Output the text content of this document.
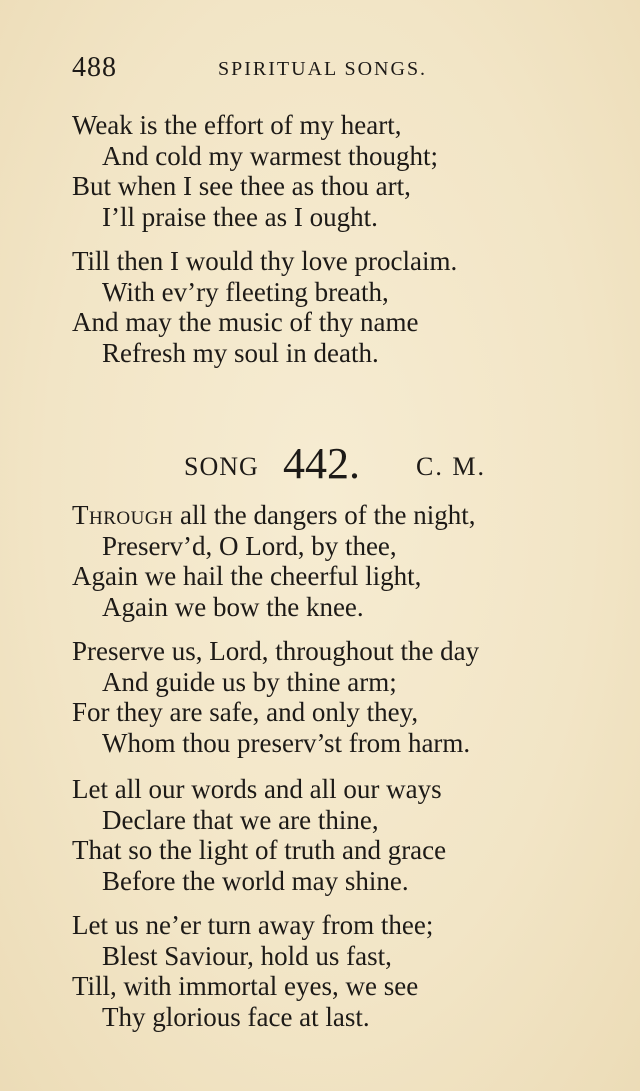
488	SPIRITUAL SONGS.
Weak is the effort of my heart,
And cold my warmest thought;
But when I see thee as thou art,
I’ll praise thee as I ought.
Till then I would thy love proclaim.
With ev’ry fleeting breath,
And may the music of thy name
Refresh my soul in death.
SONG 442. C. M.
Through all the dangers of the night,
Preserv’d, O Lord, by thee,
Again we hail the cheerful light,
Again we bow the knee.
Preserve us, Lord, throughout the day
And guide us by thine arm;
For they are safe, and only they,
Whom thou preserv’st from harm.
Let all our words and all our ways
Declare that we are thine,
That so the light of truth and grace
Before the world may shine.
Let us ne’er turn away from thee;
Blest Saviour, hold us fast,
Till, with immortal eyes, we see
Thy glorious face at last.
